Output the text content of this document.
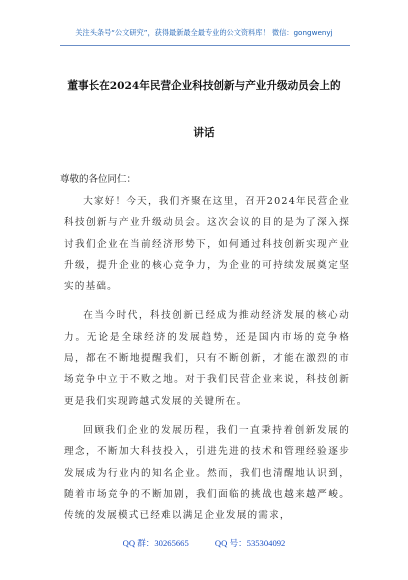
关注头条号“公文研究”，获得最新最全最专业的公文资料库！ 微信：gongwenyj
董事长在2024年民营企业科技创新与产业升级动员会上的
讲话
尊敬的各位同仁：

大家好！今天，我们齐聚在这里，召开2024年民营企业科技创新与产业升级动员会。这次会议的目的是为了深入探讨我们企业在当前经济形势下，如何通过科技创新实现产业升级，提升企业的核心竞争力，为企业的可持续发展奠定坚实的基础。

在当今时代，科技创新已经成为推动经济发展的核心动力。无论是全球经济的发展趋势，还是国内市场的竞争格局，都在不断地提醒我们，只有不断创新，才能在激烈的市场竞争中立于不败之地。对于我们民营企业来说，科技创新更是我们实现跨越式发展的关键所在。

回顾我们企业的发展历程，我们一直秉持着创新发展的理念，不断加大科技投入，引进先进的技术和管理经验逐步发展成为行业内的知名企业。然而，我们也清醒地认识到，随着市场竞争的不断加剧，我们面临的挑战也越来越严峻。传统的发展模式已经难以满足企业发展的需求，

QQ 群：30265665	QQ 号：535304092
